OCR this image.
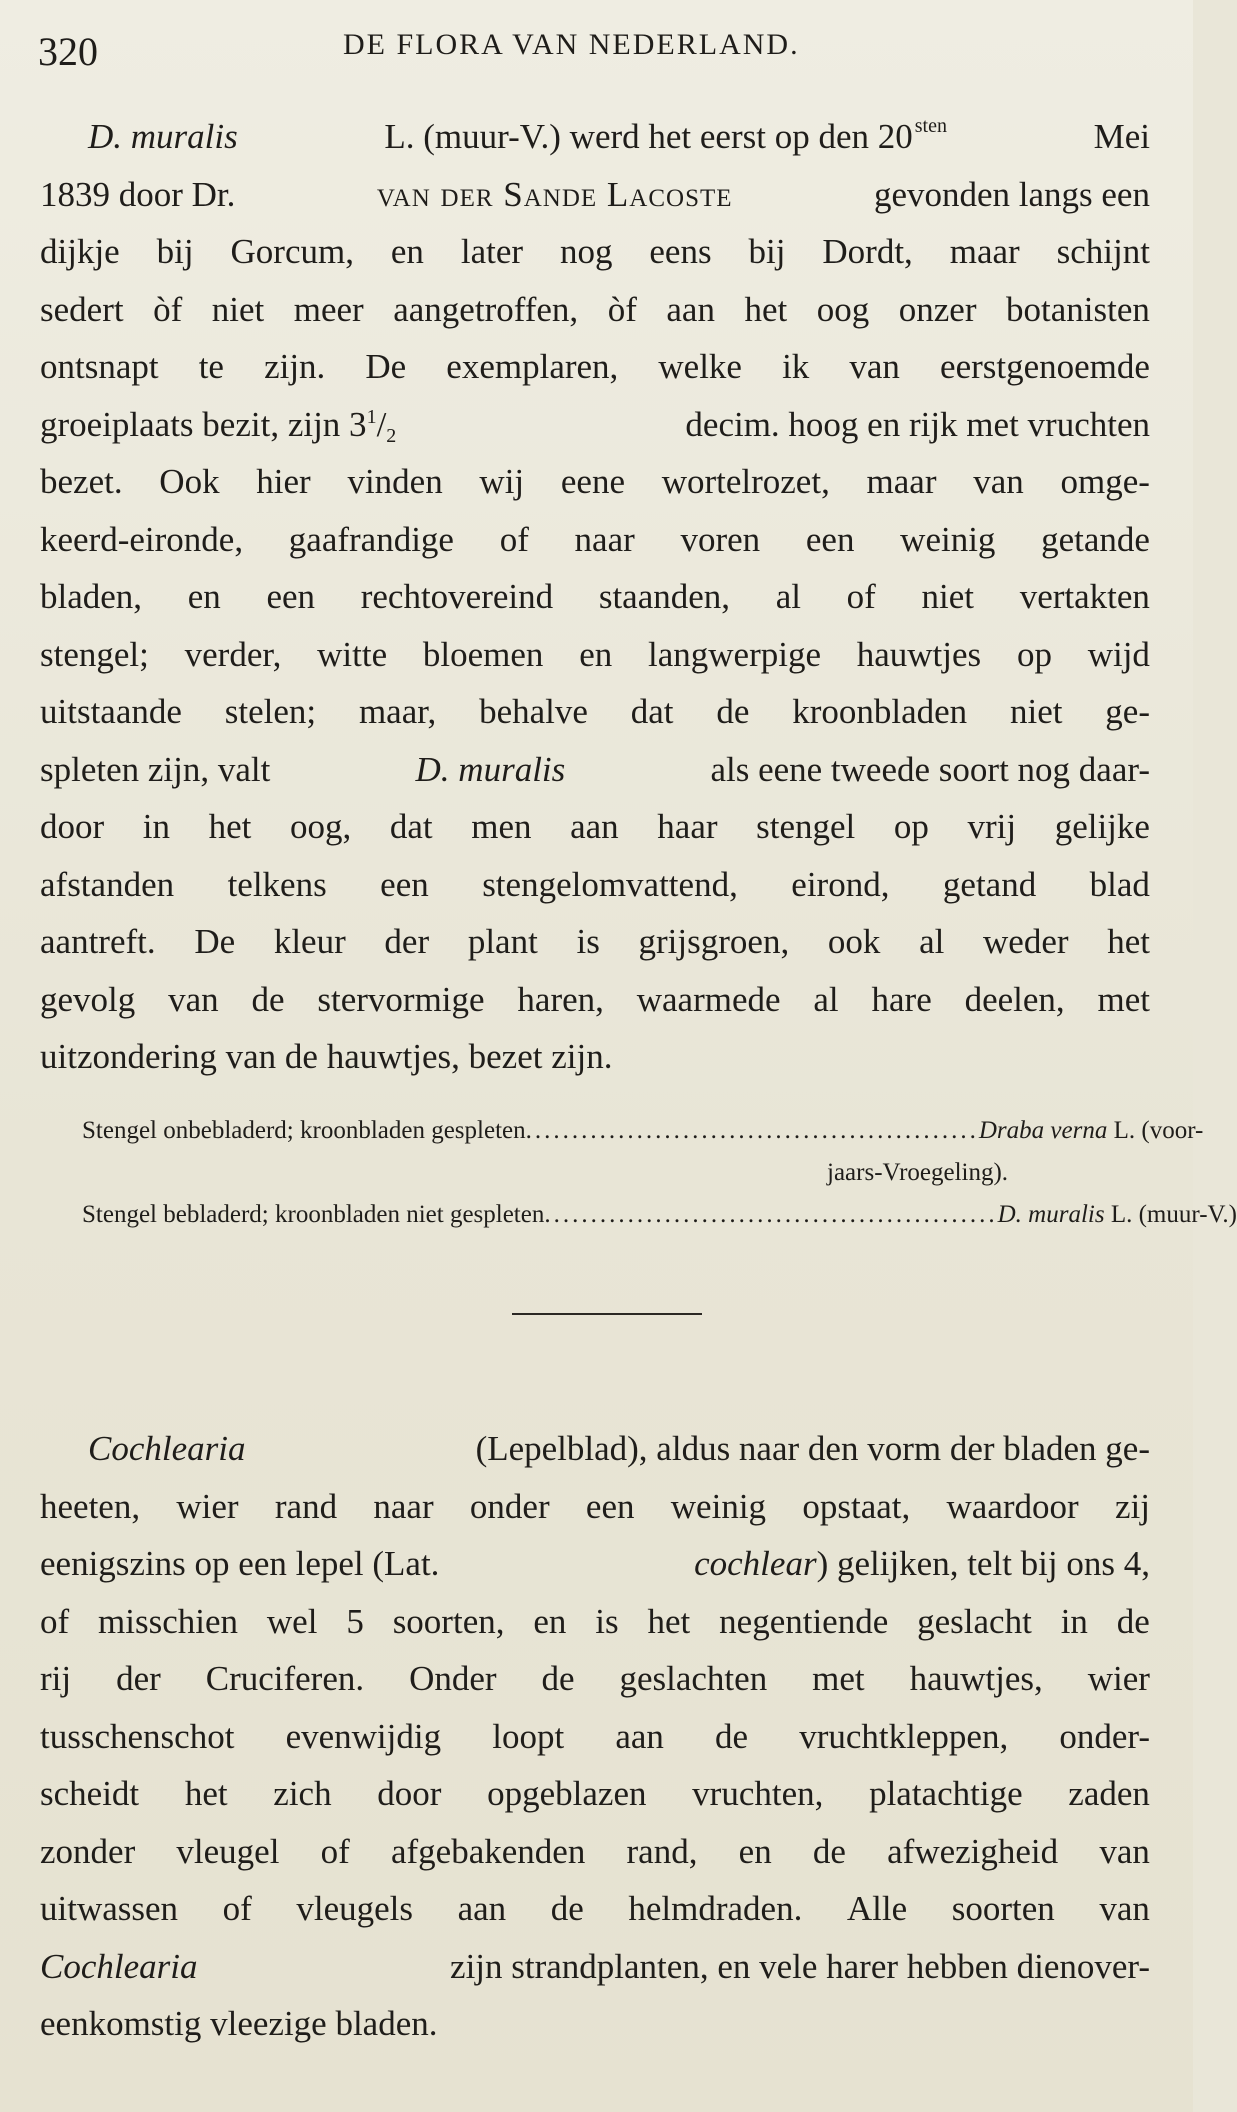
320	DE FLORA VAN NEDERLAND.
D. muralis	L. (muur-V.) werd het eerst op den 20 $^{sten}$	Mei
1839 door Dr.	van der Sande Lacoste	gevonden langs een
dijkje bij Gorcum, en later nog eens bij Dordt, maar schijnt
sedert òf niet meer aangetroffen, òf aan het oog onzer botanisten
ontsnapt te zijn. De exemplaren, welke ik van eerstgenoemde
groeiplaats bezit, zijn $3^1/2$	decim. hoog en rijk met vruchten
bezet. Ook hier vinden wij eene wortelrozet, maar van omge-
keerd-eironde, gaafrandige of naar voren een weinig getande
bladen, en een rechtovereind staanden, al of niet vertakten
stengel; verder, witte bloemen en langwerpige hauwtjes op wijd
uitstaande stelen; maar, behalve dat de kroonbladen niet ge-
spleten zijn, valt	D. muralis	als eene tweede soort nog daar-
door in het oog, dat men aan haar stengel op vrij gelijke
afstanden telkens een stengelomvattend, eirond, getand blad
aantreft. De kleur der plant is grijsgroen, ook al weder het
gevolg van de stervormige haren, waarmede al hare deelen, met
uitzondering van de hauwtjes, bezet zijn.
Stengel onbebladerd; kroonbladen gespleten ................................................. Draba verna L. (voor-
jaars-Vroegeling).
Stengel bebladerd; kroonbladen niet gespleten ................................................. D. muralis L. (muur-V.)
Cochlearia	(Lepelblad), aldus naar den vorm der bladen ge-
heeten, wier rand naar onder een weinig opstaat, waardoor zij
eenigszins op een lepel (Lat.	cochlear) gelijken, telt bij ons 4,
of misschien wel 5 soorten, en is het negentiende geslacht in de
rij der Cruciferen. Onder de geslachten met hauwtjes, wier
tusschenschot evenwijdig loopt aan de vruchtkleppen, onder-
scheidt het zich door opgeblazen vruchten, platachtige zaden
zonder vleugel of afgebakenden rand, en de afwezigheid van
uitwassen of vleugels aan de helmdraden. Alle soorten van
Cochlearia	zijn strandplanten, en vele harer hebben dienover-
eenkomstig vleezige bladen.
